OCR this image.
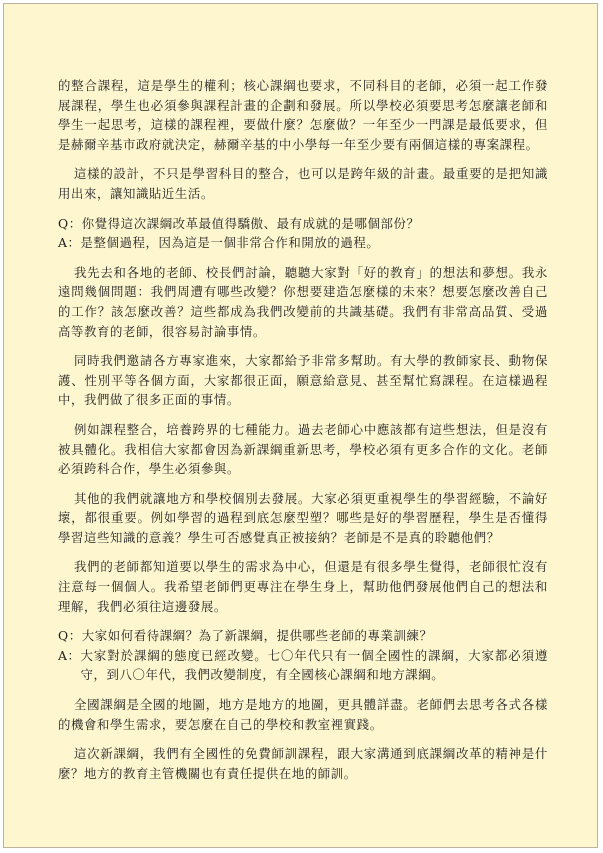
的整合課程，這是學生的權利；核心課綱也要求，不同科目的老師，必須一起工作發展課程，學生也必須參與課程計畫的企劃和發展。所以學校必須要思考怎麼讓老師和學生一起思考，這樣的課程裡，要做什麼？怎麼做？一年至少一門課是最低要求，但是赫爾辛基市政府就決定，赫爾辛基的中小學每一年至少要有兩個這樣的專案課程。

這樣的設計，不只是學習科目的整合，也可以是跨年級的計畫。最重要的是把知識用出來，讓知識貼近生活。

Q： 你覺得這次課綱改革最值得驕傲、最有成就的是哪個部份？
A： 是整個過程，因為這是一個非常合作和開放的過程。

我先去和各地的老師、校長們討論，聽聽大家對「好的教育」的想法和夢想。我永遠問幾個問題：我們周遭有哪些改變？你想要建造怎麼樣的未來？想要怎麼改善自己的工作？該怎麼改善？這些都成為我們改變前的共識基礎。我們有非常高品質、受過高等教育的老師，很容易討論事情。

同時我們邀請各方專家進來，大家都給予非常多幫助。有大學的教師家長、動物保護、性別平等各個方面，大家都很正面，願意給意見、甚至幫忙寫課程。在這樣過程中，我們做了很多正面的事情。

例如課程整合，培養跨界的七種能力。過去老師心中應該都有這些想法，但是沒有被具體化。我相信大家都會因為新課綱重新思考，學校必須有更多合作的文化。老師必須跨科合作，學生必須參與。

其他的我們就讓地方和學校個別去發展。大家必須更重視學生的學習經驗，不論好壞，都很重要。例如學習的過程到底怎麼型塑？哪些是好的學習歷程，學生是否懂得學習這些知識的意義？學生可否感覺真正被接納？老師是不是真的聆聽他們？

我們的老師都知道要以學生的需求為中心，但還是有很多學生覺得，老師很忙沒有注意每一個個人。我希望老師們更專注在學生身上，幫助他們發展他們自己的想法和理解，我們必須往這邊發展。

Q： 大家如何看待課綱？為了新課綱，提供哪些老師的專業訓練？
A： 大家對於課綱的態度已經改變。七〇年代只有一個全國性的課綱，大家都必須遵守，到八〇年代，我們改變制度，有全國核心課綱和地方課綱。

全國課綱是全國的地圖，地方是地方的地圖，更具體詳盡。老師們去思考各式各樣的機會和學生需求，要怎麼在自己的學校和教室裡實踐。

這次新課綱，我們有全國性的免費師訓課程，跟大家溝通到底課綱改革的精神是什麼？地方的教育主管機關也有責任提供在地的師訓。
